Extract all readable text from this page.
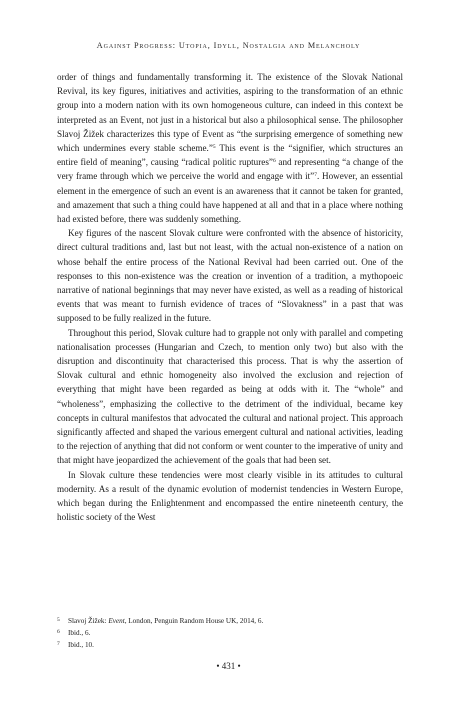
Against Progress: Utopia, Idyll, Nostalgia and Melancholy

order of things and fundamentally transforming it. The existence of the Slovak National Revival, its key figures, initiatives and activities, aspiring to the transformation of an ethnic group into a modern nation with its own homogeneous culture, can indeed in this context be interpreted as an Event, not just in a historical but also a philosophical sense. The philosopher Slavoj Žižek characterizes this type of Event as “the surprising emergence of something new which undermines every stable scheme.”$^5$ This event is the “signifier, which structures an entire field of meaning”, causing “radical politic ruptures”$^6$ and representing “a change of the very frame through which we perceive the world and engage with it”$^7$. However, an essential element in the emergence of such an event is an awareness that it cannot be taken for granted, and amazement that such a thing could have happened at all and that in a place where nothing had existed before, there was suddenly something.

Key figures of the nascent Slovak culture were confronted with the absence of historicity, direct cultural traditions and, last but not least, with the actual non-existence of a nation on whose behalf the entire process of the National Revival had been carried out. One of the responses to this non-existence was the creation or invention of a tradition, a mythopoeic narrative of national beginnings that may never have existed, as well as a reading of historical events that was meant to furnish evidence of traces of “Slovakness” in a past that was supposed to be fully realized in the future.

Throughout this period, Slovak culture had to grapple not only with parallel and competing nationalisation processes (Hungarian and Czech, to mention only two) but also with the disruption and discontinuity that characterised this process. That is why the assertion of Slovak cultural and ethnic homogeneity also involved the exclusion and rejection of everything that might have been regarded as being at odds with it. The “whole” and “wholeness”, emphasizing the collective to the detriment of the individual, became key concepts in cultural manifestos that advocated the cultural and national project. This approach significantly affected and shaped the various emergent cultural and national activities, leading to the rejection of anything that did not conform or went counter to the imperative of unity and that might have jeopardized the achievement of the goals that had been set.

In Slovak culture these tendencies were most clearly visible in its attitudes to cultural modernity. As a result of the dynamic evolution of modernist tendencies in Western Europe, which began during the Enlightenment and encompassed the entire nineteenth century, the holistic society of the West

5	Slavoj Žižek: Event, London, Penguin Random House UK, 2014, 6.
6	Ibid., 6.
7	Ibid., 10.
• 431 •
